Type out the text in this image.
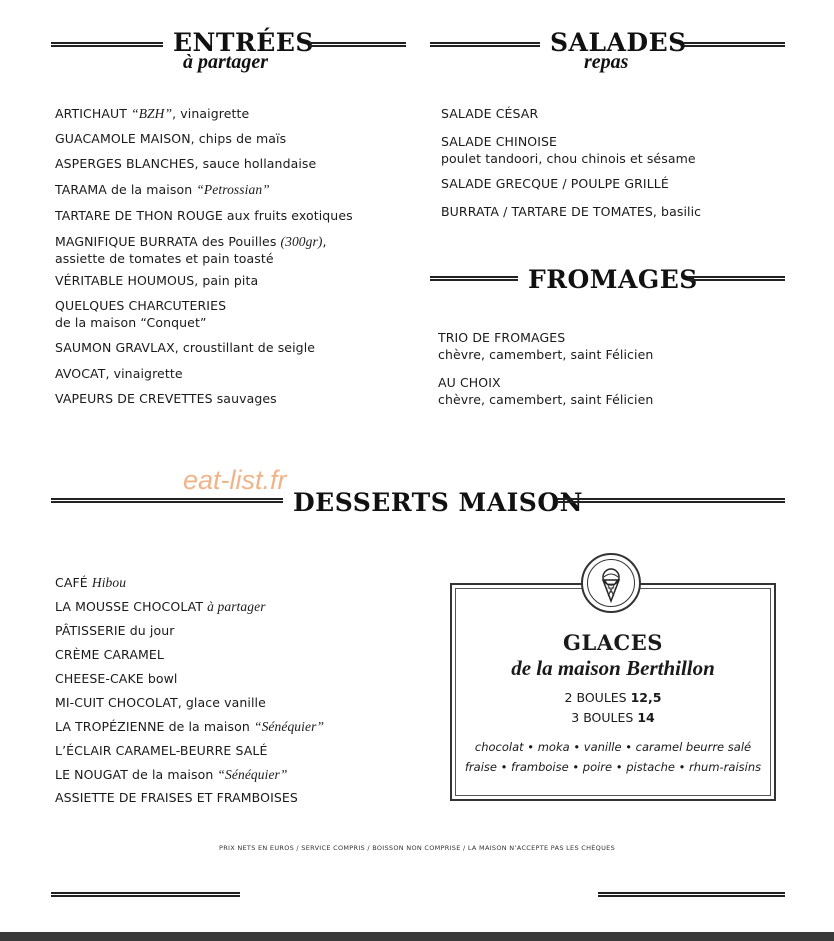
ENTRÉES
à partager
ARTICHAUT “BZH”, vinaigrette
GUACAMOLE MAISON, chips de maïs
ASPERGES BLANCHES, sauce hollandaise
TARAMA de la maison “Petrossian”
TARTARE DE THON ROUGE aux fruits exotiques
MAGNIFIQUE BURRATA des Pouilles (300gr),
assiette de tomates et pain toasté
VÉRITABLE HOUMOUS, pain pita
QUELQUES CHARCUTERIES
de la maison “Conquet”
SAUMON GRAVLAX, croustillant de seigle
AVOCAT, vinaigrette
VAPEURS DE CREVETTES sauvages
SALADES
repas
SALADE CÉSAR
SALADE CHINOISE
poulet tandoori, chou chinois et sésame
SALADE GRECQUE / POULPE GRILLÉ
BURRATA / TARTARE DE TOMATES, basilic
FROMAGES
TRIO DE FROMAGES
chèvre, camembert, saint Félicien
AU CHOIX
chèvre, camembert, saint Félicien
eat-list.fr
DESSERTS MAISON
CAFÉ Hibou
LA MOUSSE CHOCOLAT à partager
PÂTISSERIE du jour
CRÈME CARAMEL
CHEESE-CAKE bowl
MI-CUIT CHOCOLAT, glace vanille
LA TROPÉZIENNE de la maison “Sénéquier”
L’ÉCLAIR CARAMEL-BEURRE SALÉ
LE NOUGAT de la maison “Sénéquier”
ASSIETTE DE FRAISES ET FRAMBOISES
GLACES
de la maison Berthillon
2 BOULES 12,5
3 BOULES 14
chocolat • moka • vanille • caramel beurre salé
fraise • framboise • poire • pistache • rhum-raisins
PRIX NETS EN EUROS / SERVICE COMPRIS / BOISSON NON COMPRISE / LA MAISON N’ACCEPTE PAS LES CHÈQUES
